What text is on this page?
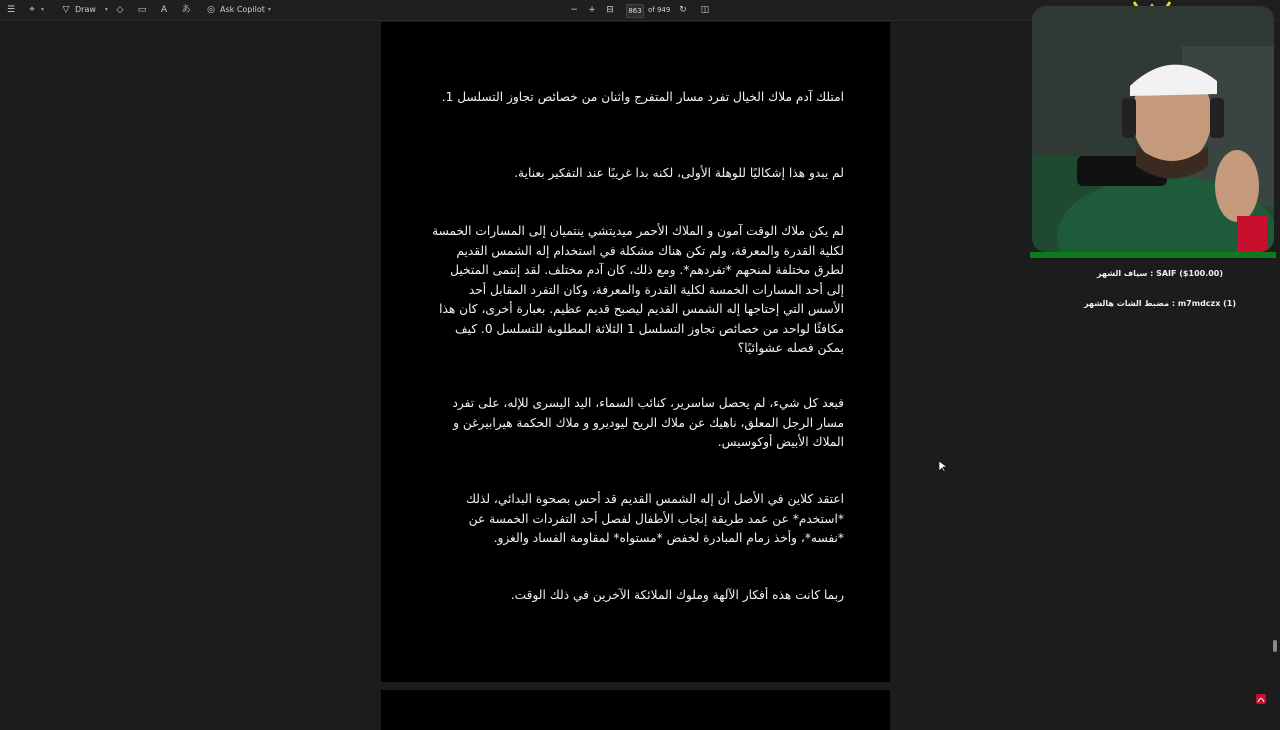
☰	⌖	▾ ▽ Draw ▾ ◇ ▭	A	あ ◎ Ask Copilot ▾	− + ⊟	863 of 949 ↻ ◫

امتلك آدم ملاك الخيال تفرد مسار المتفرج واثنان من خصائص تجاوز التسلسل 1.

لم يبدو هذا إشكاليًا للوهلة الأولى، لكنه بدا غريبًا عند التفكير بعناية.

لم يكن ملاك الوقت آمون و الملاك الأحمر ميديتشي ينتميان إلى المسارات الخمسة لكلية القدرة والمعرفة، ولم تكن هناك مشكلة في استخدام إله الشمس القديم لطرق مختلفة لمنحهم *تفردهم*. ومع ذلك، كان آدم مختلف. لقد إنتمى المتخيل إلى أحد المسارات الخمسة لكلية القدرة والمعرفة، وكان التفرد المقابل أحد الأسس التي إحتاجها إله الشمس القديم ليصبح قديم عظيم. بعبارة أخرى، كان هذا مكافئًا لواحد من خصائص تجاوز التسلسل 1 الثلاثة المطلوبة للتسلسل 0. كيف يمكن فصله عشوائيًا؟

فبعد كل شيء، لم يحصل ساسرير، كنائب السماء، اليد اليسرى للإله، على تفرد مسار الرجل المعلق، ناهيك عن ملاك الريح ليوديرو و ملاك الحكمة هيرابيرغن و الملاك الأبيض أوكوسيس.

اعتقد كلاين في الأصل أن إله الشمس القديم قد أحس بصحوة البدائي، لذلك *استخدم* عن عمد طريقة إنجاب الأطفال لفصل أحد التفردات الخمسة عن *نفسه*، وأخذ زمام المبادرة لخفض *مستواه* لمقاومة الفساد والغزو.

ربما كانت هذه أفكار الآلهة وملوك الملائكة الآخرين في ذلك الوقت.

SAIF ($100.00) : سياف الشهر
m7mdczx (1) : مضبط الشات هالشهر
